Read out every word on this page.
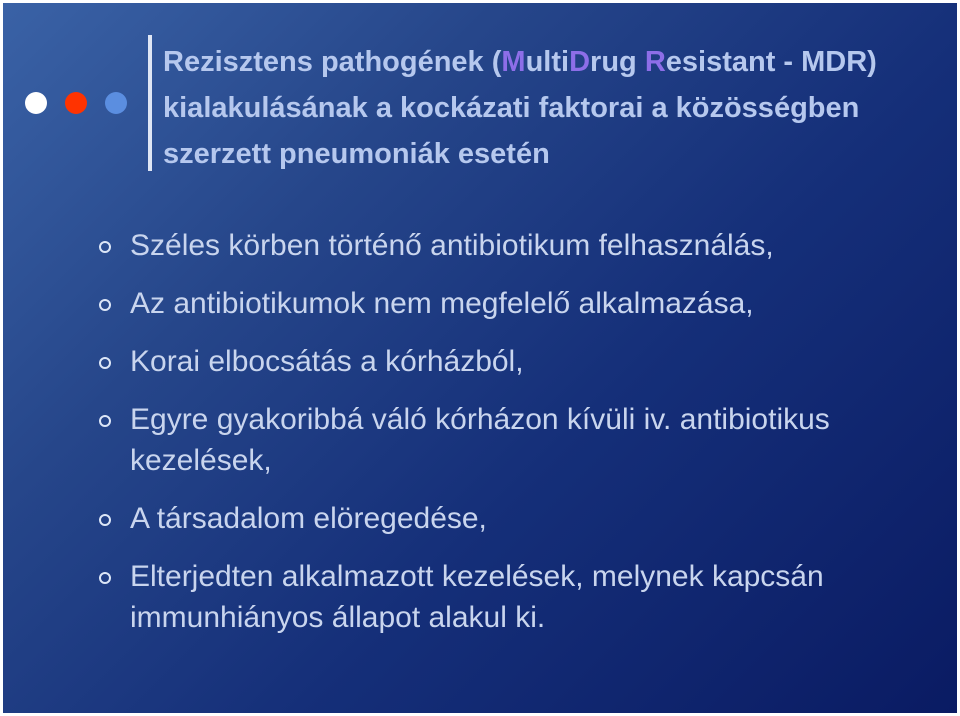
Rezisztens pathogének (MultiDrug Resistant - MDR) kialakulásának a kockázati faktorai a közösségben szerzett pneumoniák esetén
Széles körben történő antibiotikum felhasználás,
Az antibiotikumok nem megfelelő alkalmazása,
Korai elbocsátás a kórházból,
Egyre gyakoribbá váló kórházon kívüli iv. antibiotikus kezelések,
A társadalom elöregedése,
Elterjedten alkalmazott kezelések, melynek kapcsán immunhiányos állapot alakul ki.
